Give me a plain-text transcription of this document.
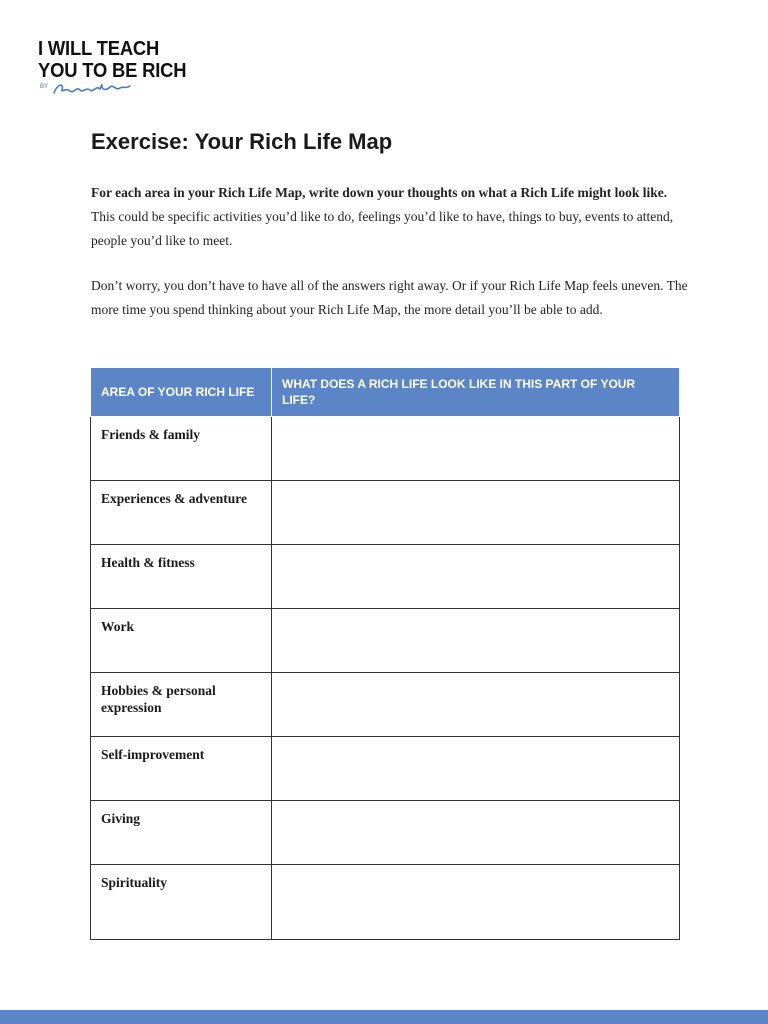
I WILL TEACH
YOU TO BE RICH
BY
Exercise: Your Rich Life Map

For each area in your Rich Life Map, write down your thoughts on what a Rich Life might look like. This could be specific activities you’d like to do, feelings you’d like to have, things to buy, events to attend, people you’d like to meet.

Don’t worry, you don’t have to have all of the answers right away. Or if your Rich Life Map feels uneven. The more time you spend thinking about your Rich Life Map, the more detail you’ll be able to add.

AREA OF YOUR RICH LIFE	WHAT DOES A RICH LIFE LOOK LIKE IN THIS PART OF YOUR LIFE?
Friends & family	
Experiences & adventure	
Health & fitness	
Work	
Hobbies & personal expression	
Self-improvement	
Giving	
Spirituality	
